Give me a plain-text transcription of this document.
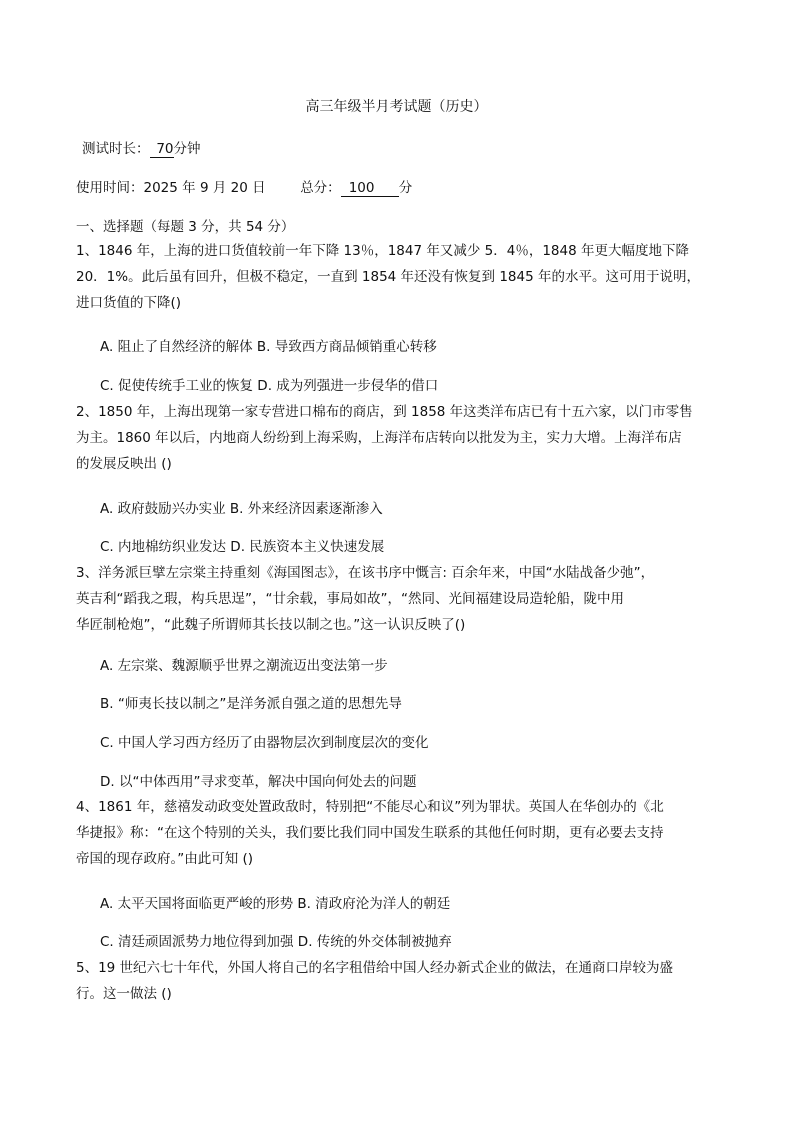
高三年级半月考试题（历史）
测试时长： 70分钟
使用时间：2025 年 9 月 20 日	总分： 100 分
一、选择题（每题 3 分，共 54 分）

1、1846 年，上海的进口货值较前一年下降 13％，1847 年又减少 5．4％，1848 年更大幅度地下降

20．1%。此后虽有回升，但极不稳定，一直到 1854 年还没有恢复到 1845 年的水平。这可用于说明，

进口货值的下降()

A. 阻止了自然经济的解体 B. 导致西方商品倾销重心转移
C. 促使传统手工业的恢复 D. 成为列强进一步侵华的借口

2、1850 年，上海出现第一家专营进口棉布的商店，到 1858 年这类洋布店已有十五六家，以门市零售

为主。1860 年以后，内地商人纷纷到上海采购，上海洋布店转向以批发为主，实力大增。上海洋布店

的发展反映出 ()

A. 政府鼓励兴办实业 B. 外来经济因素逐渐渗入
C. 内地棉纺织业发达 D. 民族资本主义快速发展

3、洋务派巨擘左宗棠主持重刻《海国图志》，在该书序中慨言: 百余年来，中国“水陆战备少弛”，

英吉利“蹈我之瑕，构兵思逞”，“廿余载，事局如故”，“然同、光间福建设局造轮船，陇中用

华匠制枪炮”，“此魏子所谓师其长技以制之也。”这一认识反映了()

A. 左宗棠、魏源顺乎世界之潮流迈出变法第一步
B. “师夷长技以制之”是洋务派自强之道的思想先导
C. 中国人学习西方经历了由器物层次到制度层次的变化
D. 以“中体西用”寻求变革，解决中国向何处去的问题

4、1861 年，慈禧发动政变处置政敌时，特别把“不能尽心和议”列为罪状。英国人在华创办的《北

华捷报》称：“在这个特别的关头，我们要比我们同中国发生联系的其他任何时期，更有必要去支持

帝国的现存政府。”由此可知 ()

A. 太平天国将面临更严峻的形势 B. 清政府沦为洋人的朝廷
C. 清廷顽固派势力地位得到加强 D. 传统的外交体制被抛弃

5、19 世纪六七十年代，外国人将自己的名字租借给中国人经办新式企业的做法，在通商口岸较为盛

行。这一做法 ()
